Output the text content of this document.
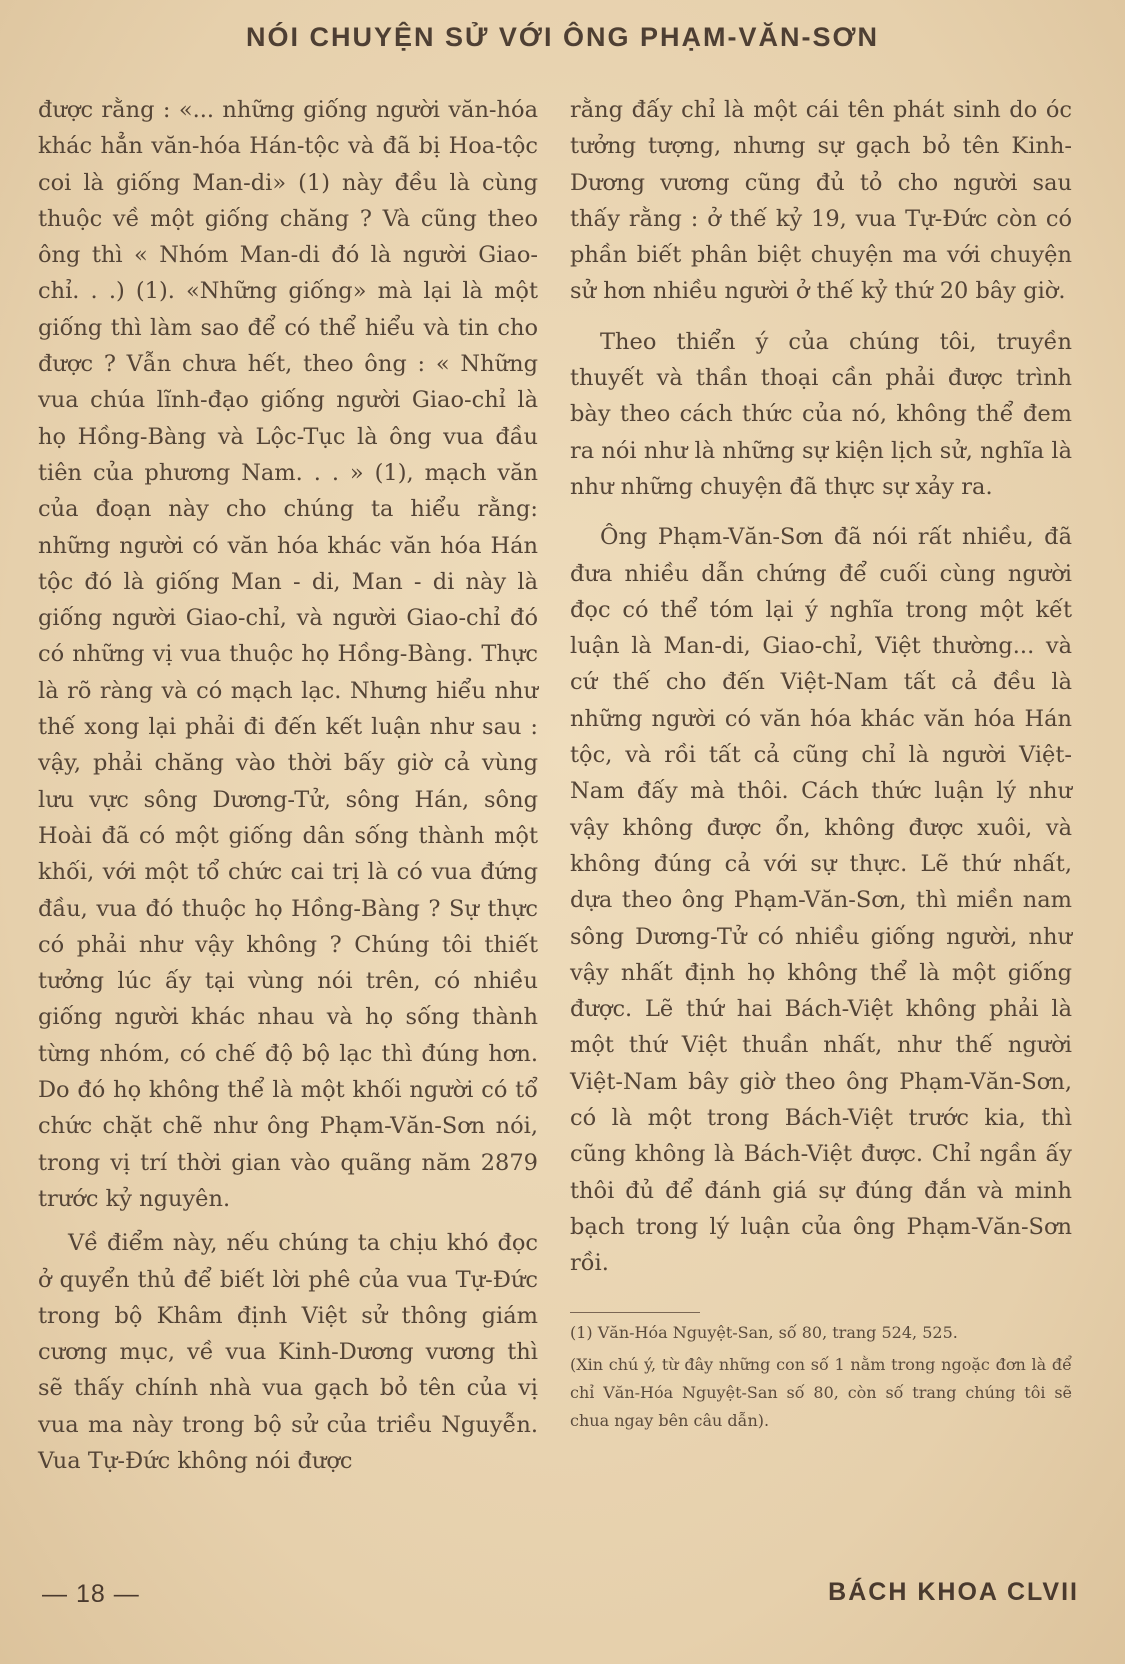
NÓI CHUYỆN SỬ VỚI ÔNG PHẠM-VĂN-SƠN

được rằng : «... những giống người văn-hóa khác hẳn văn-hóa Hán-tộc và đã bị Hoa-tộc coi là giống Man-di» (1) này đều là cùng thuộc về một giống chăng ? Và cũng theo ông thì « Nhóm Man-di đó là người Giao-chỉ. . .) (1). «Những giống» mà lại là một giống thì làm sao để có thể hiểu và tin cho được ? Vẫn chưa hết, theo ông : « Những vua chúa lĩnh-đạo giống người Giao-chỉ là họ Hồng-Bàng và Lộc-Tục là ông vua đầu tiên của phương Nam. . . » (1), mạch văn của đoạn này cho chúng ta hiểu rằng: những người có văn hóa khác văn hóa Hán tộc đó là giống Man - di, Man - di này là giống người Giao-chỉ, và người Giao-chỉ đó có những vị vua thuộc họ Hồng-Bàng. Thực là rõ ràng và có mạch lạc. Nhưng hiểu như thế xong lại phải đi đến kết luận như sau : vậy, phải chăng vào thời bấy giờ cả vùng lưu vực sông Dương-Tử, sông Hán, sông Hoài đã có một giống dân sống thành một khối, với một tổ chức cai trị là có vua đứng đầu, vua đó thuộc họ Hồng-Bàng ? Sự thực có phải như vậy không ? Chúng tôi thiết tưởng lúc ấy tại vùng nói trên, có nhiều giống người khác nhau và họ sống thành từng nhóm, có chế độ bộ lạc thì đúng hơn. Do đó họ không thể là một khối người có tổ chức chặt chẽ như ông Phạm-Văn-Sơn nói, trong vị trí thời gian vào quãng năm 2879 trước kỷ nguyên.

Về điểm này, nếu chúng ta chịu khó đọc ở quyển thủ để biết lời phê của vua Tự-Đức trong bộ Khâm định Việt sử thông giám cương mục, về vua Kinh-Dương vương thì sẽ thấy chính nhà vua gạch bỏ tên của vị vua ma này trong bộ sử của triều Nguyễn. Vua Tự-Đức không nói được

rằng đấy chỉ là một cái tên phát sinh do óc tưởng tượng, nhưng sự gạch bỏ tên Kinh-Dương vương cũng đủ tỏ cho người sau thấy rằng : ở thế kỷ 19, vua Tự-Đức còn có phần biết phân biệt chuyện ma với chuyện sử hơn nhiều người ở thế kỷ thứ 20 bây giờ.

Theo thiển ý của chúng tôi, truyền thuyết và thần thoại cần phải được trình bày theo cách thức của nó, không thể đem ra nói như là những sự kiện lịch sử, nghĩa là như những chuyện đã thực sự xảy ra.

Ông Phạm-Văn-Sơn đã nói rất nhiều, đã đưa nhiều dẫn chứng để cuối cùng người đọc có thể tóm lại ý nghĩa trong một kết luận là Man-di, Giao-chỉ, Việt thường... và cứ thế cho đến Việt-Nam tất cả đều là những người có văn hóa khác văn hóa Hán tộc, và rồi tất cả cũng chỉ là người Việt-Nam đấy mà thôi. Cách thức luận lý như vậy không được ổn, không được xuôi, và không đúng cả với sự thực. Lẽ thứ nhất, dựa theo ông Phạm-Văn-Sơn, thì miền nam sông Dương-Tử có nhiều giống người, như vậy nhất định họ không thể là một giống được. Lẽ thứ hai Bách-Việt không phải là một thứ Việt thuần nhất, như thế người Việt-Nam bây giờ theo ông Phạm-Văn-Sơn, có là một trong Bách-Việt trước kia, thì cũng không là Bách-Việt được. Chỉ ngần ấy thôi đủ để đánh giá sự đúng đắn và minh bạch trong lý luận của ông Phạm-Văn-Sơn rồi.

(1) Văn-Hóa Nguyệt-San, số 80, trang 524, 525.

(Xin chú ý, từ đây những con số 1 nằm trong ngoặc đơn là để chỉ Văn-Hóa Nguyệt-San số 80, còn số trang chúng tôi sẽ chua ngay bên câu dẫn).

— 18 —	BÁCH KHOA CLVII
